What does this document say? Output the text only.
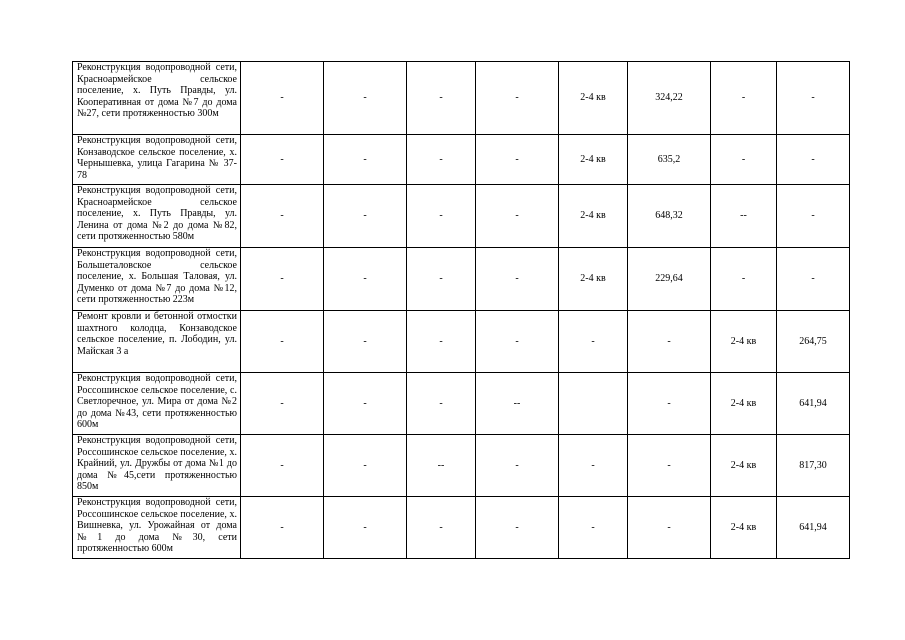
Реконструкция водопроводной сети, Красноармейское сельское поселение, х. Путь Правды, ул. Кооперативная от дома №7 до дома №27, сети протяженностью 300м	-	-	-	-	2-4 кв	324,22	-	-
Реконструкция водопроводной сети, Конзаводское сельское поселение, х. Чернышевка, улица Гагарина № 37-78	-	-	-	-	2-4 кв	635,2	-	-
Реконструкция водопроводной сети, Красноармейское сельское поселение, х. Путь Правды, ул. Ленина от дома №2 до дома №82, сети протяженностью 580м	-	-	-	-	2-4 кв	648,32	--	-
Реконструкция водопроводной сети, Большеталовское сельское поселение, х. Большая Таловая, ул. Думенко от дома №7 до дома №12, сети протяженностью 223м	-	-	-	-	2-4 кв	229,64	-	-
Ремонт кровли и бетонной отмостки шахтного колодца, Конзаводское сельское поселение, п. Лободин, ул. Майская 3 а	-	-	-	-	-	-	2-4 кв	264,75
Реконструкция водопроводной сети, Россошинское сельское поселение, с. Светлоречное, ул. Мира от дома №2 до дома №43, сети протяженностью 600м	-	-	-	--		-	2-4 кв	641,94
Реконструкция водопроводной сети, Россошинское сельское поселение, х. Крайний, ул. Дружбы от дома №1 до дома №45,сети протяженностью 850м	-	-	--	-	-	-	2-4 кв	817,30
Реконструкция водопроводной сети, Россошинское сельское поселение, х. Вишневка, ул. Урожайная от дома №1 до дома №30, сети протяженностью 600м	-	-	-	-	-	-	2-4 кв	641,94
